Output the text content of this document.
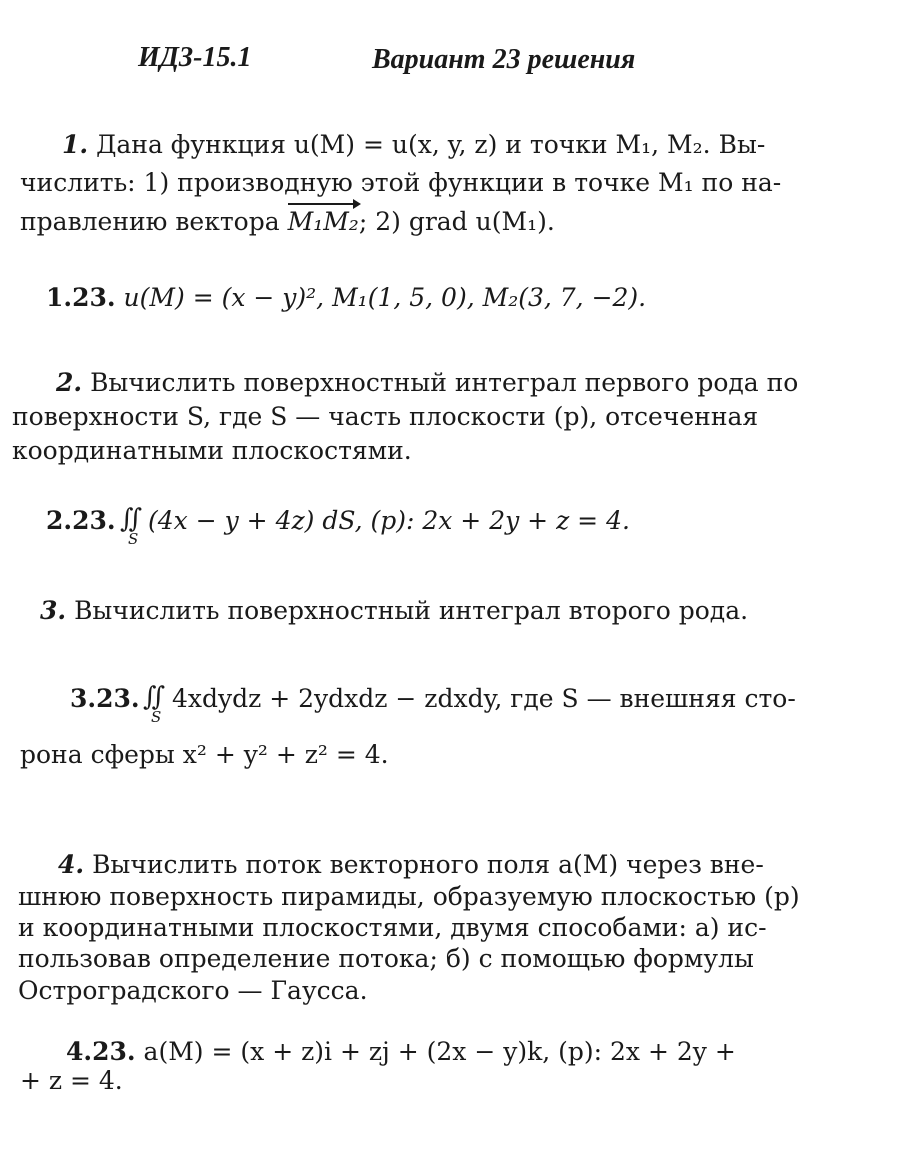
ИДЗ-15.1	Вариант 23 решения
1. Дана функция u(M) = u(x, y, z) и точки M₁, M₂. Вы-
числить: 1) производную этой функции в точке M₁ по на-
правлению вектора
M₁M₂; 2) grad u(M₁).
1.23. u(M) = (x − y)², M₁(1, 5, 0), M₂(3, 7, −2).
2. Вычислить поверхностный интеграл первого рода по
поверхности S, где S — часть плоскости (p), отсеченная
координатными плоскостями.
2.23. ∬
S
(4x − y + 4z) dS, (p): 2x + 2y + z = 4.
3. Вычислить поверхностный интеграл второго рода.
3.23. ∬
S
4xdydz + 2ydxdz − zdxdy, где S — внешняя сто-
рона сферы x² + y² + z² = 4.
4. Вычислить поток векторного поля a(M) через вне-
шнюю поверхность пирамиды, образуемую плоскостью (p)
и координатными плоскостями, двумя способами: а) ис-
пользовав определение потока; б) с помощью формулы
Остроградского — Гаусса.
4.23. a(M) = (x + z)i + zj + (2x − y)k, (p): 2x + 2y +
+ z = 4.
